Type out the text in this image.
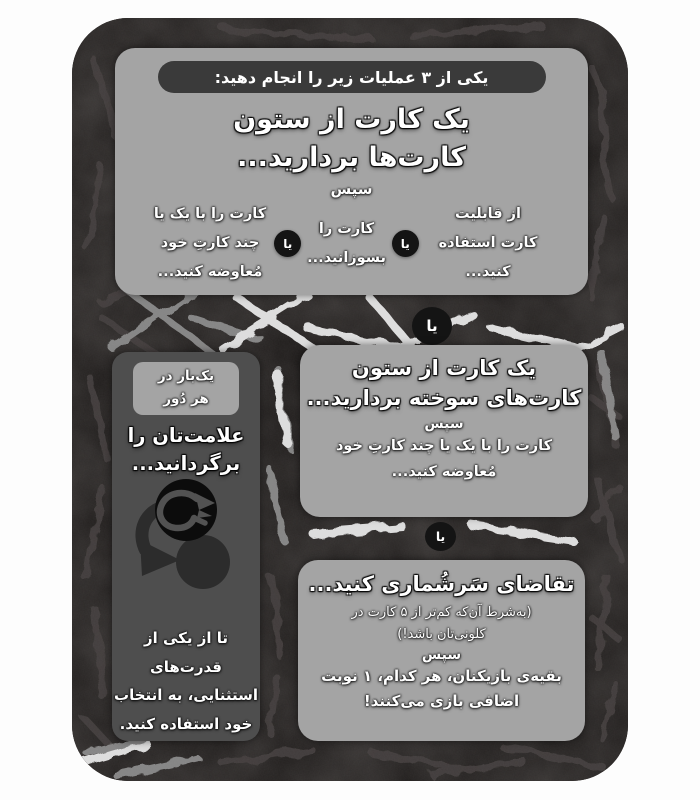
یکی از ۳ عملیات زیر را انجام دهید:
یک کارت از ستون
کارت‌ها بردارید...
سپس
از قابلیت
کارت استفاده کنید...
یا
کارت را
بسوزانید...
یا
کارت را با یک یا
چند کارتِ خود
مُعاوضه کنید...
یا
یک کارت از ستون
کارت‌های سوخته بردارید...
سپس
کارت را با یک یا چند کارتِ خود
مُعاوضه کنید...
یا
تقاضای سَرشُماری کنید...
(به‌شرط آن‌که کم‌تر از ۵ کارت در
کلونی‌تان باشد!)
سپس
بقیه‌ی بازیکنان، هر کدام، ۱ نوبت
اضافی بازی می‌کنند!
یک‌بار در
هر دُور
علامت‌تان را
برگردانید...
تا از یکی از
قدرت‌های
استثنایی، به انتخاب
خود استفاده کنید.
